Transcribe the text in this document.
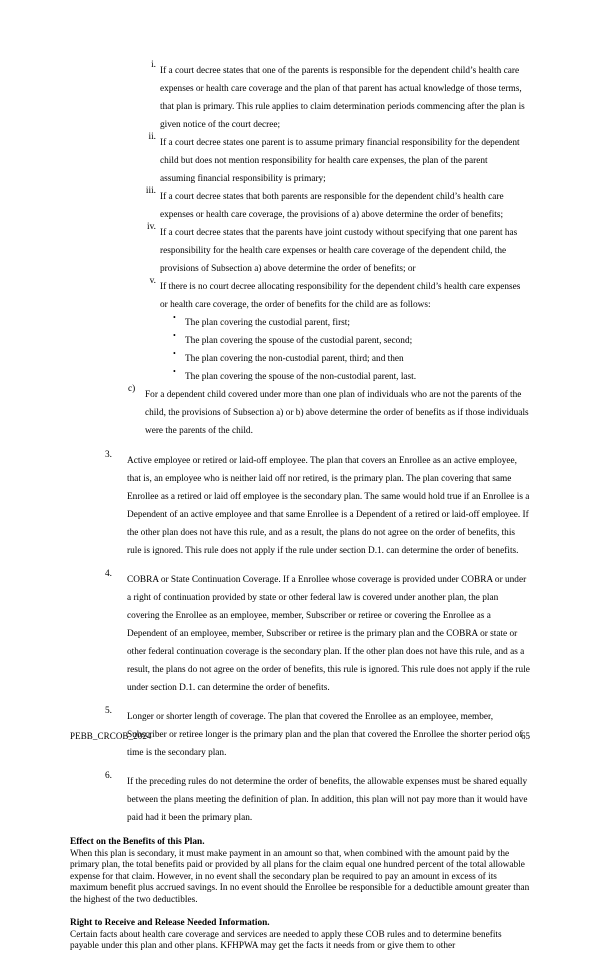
i.
If a court decree states that one of the parents is responsible for the dependent child’s health care expenses or health care coverage and the plan of that parent has actual knowledge of those terms, that plan is primary. This rule applies to claim determination periods commencing after the plan is given notice of the court decree;
ii.
If a court decree states one parent is to assume primary financial responsibility for the dependent child but does not mention responsibility for health care expenses, the plan of the parent assuming financial responsibility is primary;
iii.
If a court decree states that both parents are responsible for the dependent child’s health care expenses or health care coverage, the provisions of a) above determine the order of benefits;
iv.
If a court decree states that the parents have joint custody without specifying that one parent has responsibility for the health care expenses or health care coverage of the dependent child, the provisions of Subsection a) above determine the order of benefits; or
v.
If there is no court decree allocating responsibility for the dependent child’s health care expenses or health care coverage, the order of benefits for the child are as follows:
•
The plan covering the custodial parent, first;
•
The plan covering the spouse of the custodial parent, second;
•
The plan covering the non-custodial parent, third; and then
•
The plan covering the spouse of the non-custodial parent, last.
c)
For a dependent child covered under more than one plan of individuals who are not the parents of the child, the provisions of Subsection a) or b) above determine the order of benefits as if those individuals were the parents of the child.
3.
Active employee or retired or laid-off employee. The plan that covers an Enrollee as an active employee, that is, an employee who is neither laid off nor retired, is the primary plan. The plan covering that same Enrollee as a retired or laid off employee is the secondary plan. The same would hold true if an Enrollee is a Dependent of an active employee and that same Enrollee is a Dependent of a retired or laid-off employee. If the other plan does not have this rule, and as a result, the plans do not agree on the order of benefits, this rule is ignored. This rule does not apply if the rule under section D.1. can determine the order of benefits.
4.
COBRA or State Continuation Coverage. If a Enrollee whose coverage is provided under COBRA or under a right of continuation provided by state or other federal law is covered under another plan, the plan covering the Enrollee as an employee, member, Subscriber or retiree or covering the Enrollee as a Dependent of an employee, member, Subscriber or retiree is the primary plan and the COBRA or state or other federal continuation coverage is the secondary plan. If the other plan does not have this rule, and as a result, the plans do not agree on the order of benefits, this rule is ignored. This rule does not apply if the rule under section D.1. can determine the order of benefits.
5.
Longer or shorter length of coverage. The plan that covered the Enrollee as an employee, member, Subscriber or retiree longer is the primary plan and the plan that covered the Enrollee the shorter period of time is the secondary plan.
6.
If the preceding rules do not determine the order of benefits, the allowable expenses must be shared equally between the plans meeting the definition of plan. In addition, this plan will not pay more than it would have paid had it been the primary plan.

Effect on the Benefits of this Plan.

When this plan is secondary, it must make payment in an amount so that, when combined with the amount paid by the primary plan, the total benefits paid or provided by all plans for the claim equal one hundred percent of the total allowable expense for that claim. However, in no event shall the secondary plan be required to pay an amount in excess of its maximum benefit plus accrued savings. In no event should the Enrollee be responsible for a deductible amount greater than the highest of the two deductibles.

Right to Receive and Release Needed Information.

Certain facts about health care coverage and services are needed to apply these COB rules and to determine benefits payable under this plan and other plans. KFHPWA may get the facts it needs from or give them to other

PEBB_CRCOB_2024	65
